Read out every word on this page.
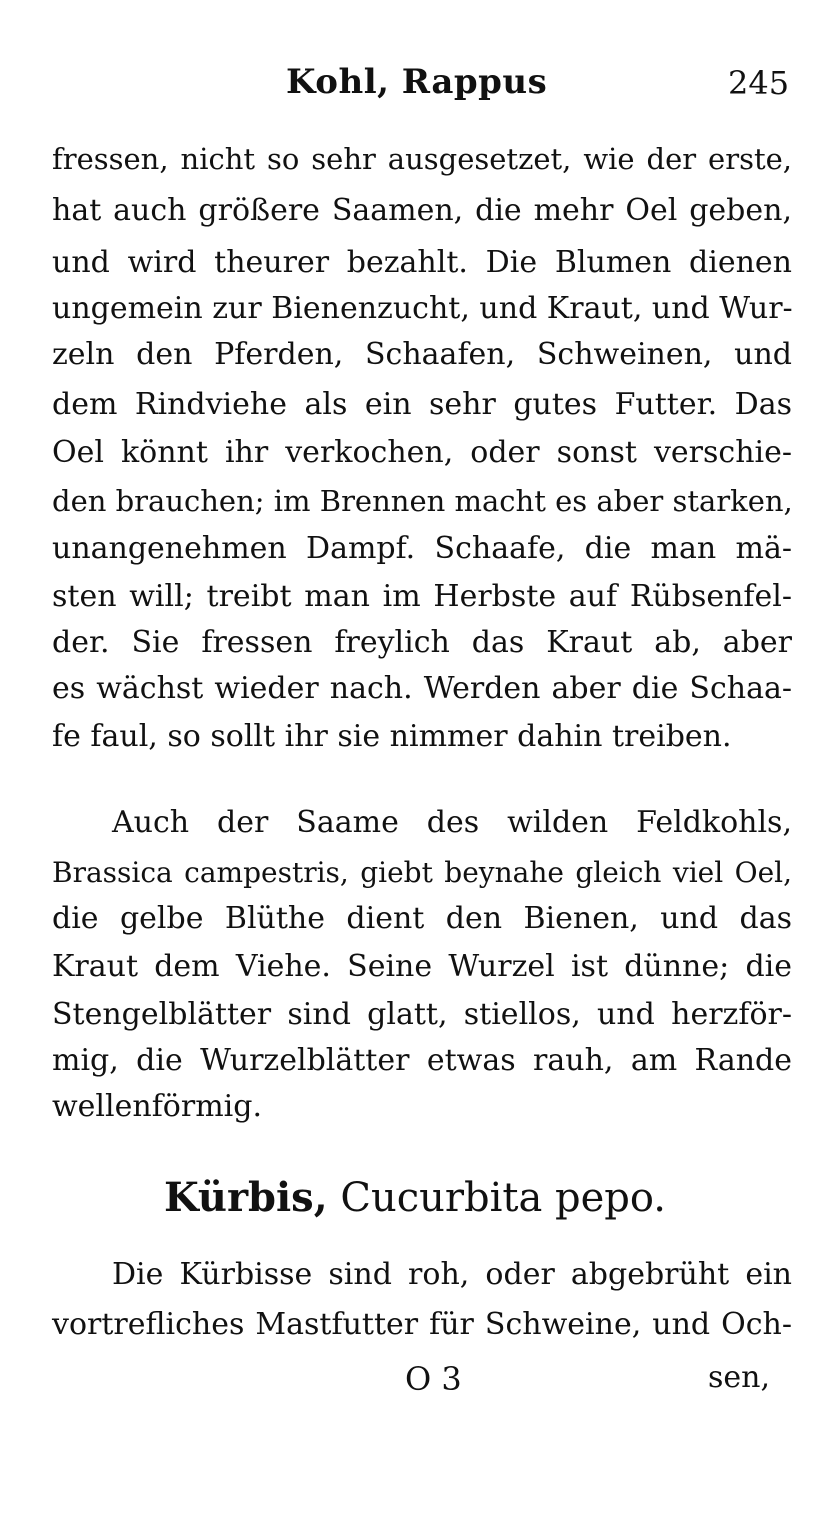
Kohl, Rappus	245
fressen, nicht so sehr ausgesetzet, wie der erste,
hat auch größere Saamen, die mehr Oel geben,
und wird theurer bezahlt. Die Blumen dienen
ungemein zur Bienenzucht, und Kraut, und Wur-
zeln den Pferden, Schaafen, Schweinen, und
dem Rindviehe als ein sehr gutes Futter. Das
Oel könnt ihr verkochen, oder sonst verschie-
den brauchen; im Brennen macht es aber starken,
unangenehmen Dampf. Schaafe, die man mä-
sten will; treibt man im Herbste auf Rübsenfel-
der. Sie fressen freylich das Kraut ab, aber
es wächst wieder nach. Werden aber die Schaa-
fe faul, so sollt ihr sie nimmer dahin treiben.
Auch der Saame des wilden Feldkohls,
Brassica campestris, giebt beynahe gleich viel Oel,
die gelbe Blüthe dient den Bienen, und das
Kraut dem Viehe. Seine Wurzel ist dünne; die
Stengelblätter sind glatt, stiellos, und herzför-
mig, die Wurzelblätter etwas rauh, am Rande
wellenförmig.
Kürbis, Cucurbita pepo.
Die Kürbisse sind roh, oder abgebrüht ein
vortrefliches Mastfutter für Schweine, und Och-
O 3	sen,
